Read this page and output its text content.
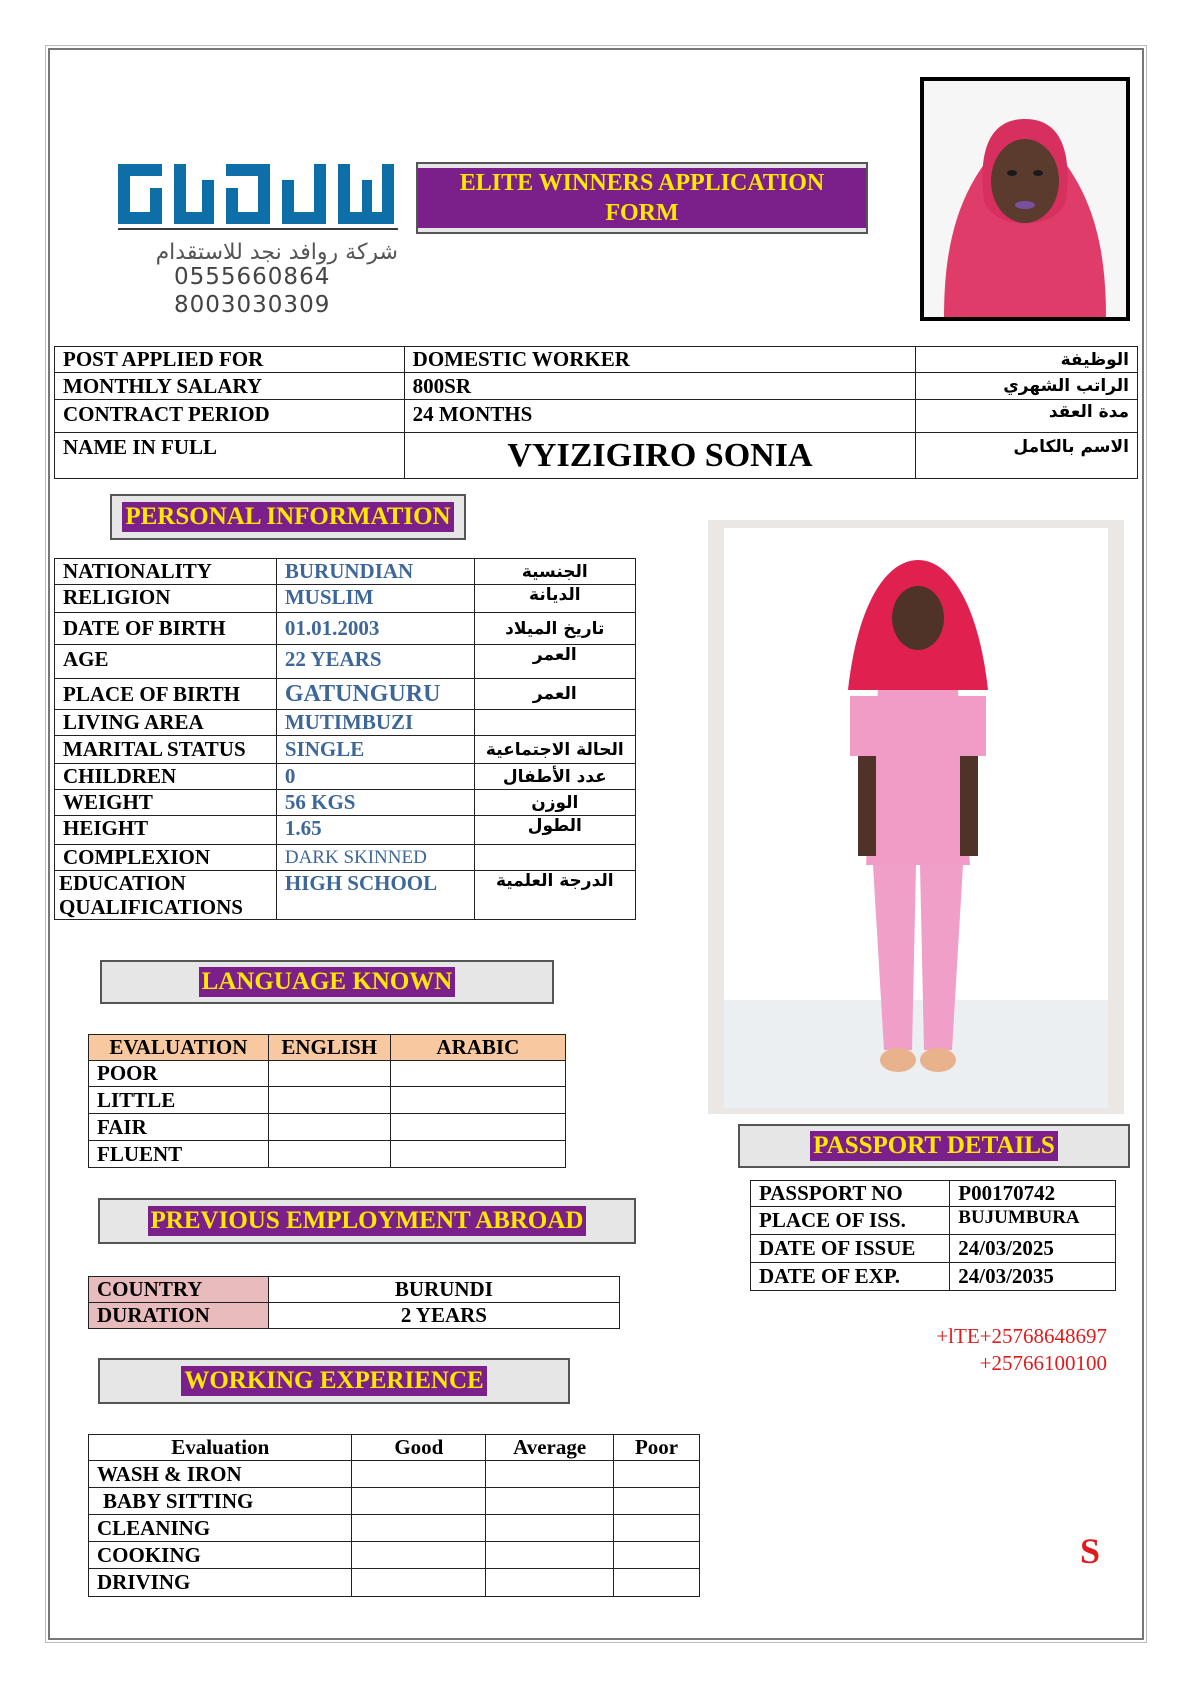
شركة روافد نجد للاستقدام
0555660864
8003030309
ELITE WINNERS APPLICATION FORM
POST APPLIED FOR	DOMESTIC WORKER	الوظيفة
MONTHLY SALARY	800SR	الراتب الشهري
CONTRACT PERIOD	24 MONTHS	مدة العقد
NAME IN FULL	VYIZIGIRO SONIA	الاسم بالكامل
PERSONAL INFORMATION
NATIONALITY	BURUNDIAN	الجنسية
RELIGION	MUSLIM	الديانة
DATE OF BIRTH	01.01.2003	تاريخ الميلاد
AGE	22 YEARS	العمر
PLACE OF BIRTH	GATUNGURU	العمر
LIVING AREA	MUTIMBUZI	
MARITAL STATUS	SINGLE	الحالة الاجتماعية
CHILDREN	0	عدد الأطفال
WEIGHT	56 KGS	الوزن
HEIGHT	1.65	الطول
COMPLEXION	DARK SKINNED	

EDUCATION QUALIFICATIONS	HIGH SCHOOL	الدرجة العلمية
LANGUAGE KNOWN
EVALUATION	ENGLISH	ARABIC
POOR		
LITTLE		
FAIR		
FLUENT		
PREVIOUS EMPLOYMENT ABROAD
COUNTRY	BURUNDI
DURATION	2 YEARS
WORKING EXPERIENCE
Evaluation	Good	Average	Poor
WASH & IRON			
BABY SITTING			
CLEANING			
COOKING			
DRIVING			
PASSPORT DETAILS
PASSPORT NO	P00170742
PLACE OF ISS.	BUJUMBURA
DATE OF ISSUE	24/03/2025
DATE OF EXP.	24/03/2035
+lTE+25768648697
+25766100100
S
